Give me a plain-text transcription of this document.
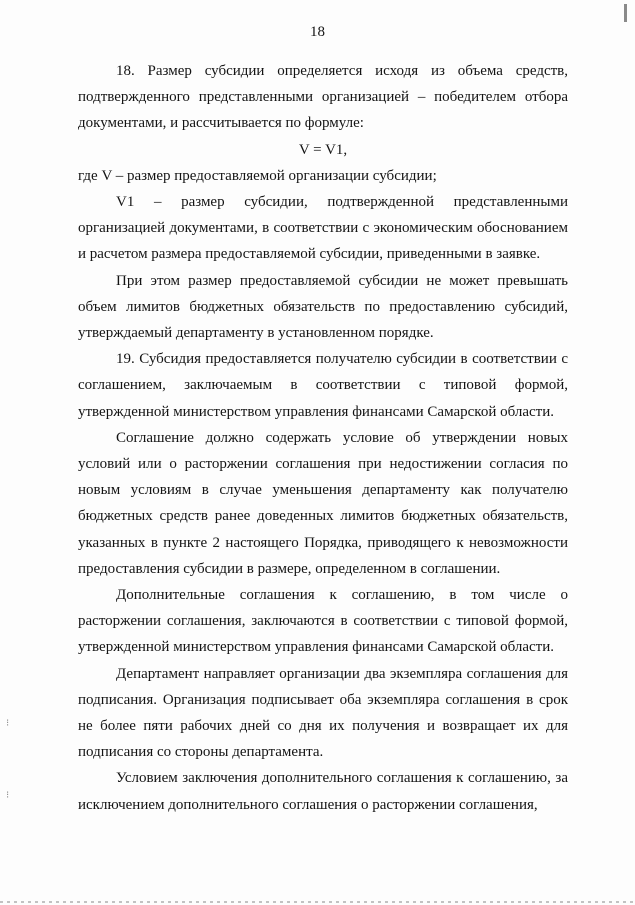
18

18. Размер субсидии определяется исходя из объема средств, подтвержденного представленными организацией – победителем отбора документами, и рассчитывается по формуле:

V = V1,

где V – размер предоставляемой организации субсидии;

V1 – размер субсидии, подтвержденной представленными организацией документами, в соответствии с экономическим обоснованием и расчетом размера предоставляемой субсидии, приведенными в заявке.

При этом размер предоставляемой субсидии не может превышать объем лимитов бюджетных обязательств по предоставлению субсидий, утверждаемый департаменту в установленном порядке.

19. Субсидия предоставляется получателю субсидии в соответствии с соглашением, заключаемым в соответствии с типовой формой, утвержденной министерством управления финансами Самарской области.

Соглашение должно содержать условие об утверждении новых условий или о расторжении соглашения при недостижении согласия по новым условиям в случае уменьшения департаменту как получателю бюджетных средств ранее доведенных лимитов бюджетных обязательств, указанных в пункте 2 настоящего Порядка, приводящего к невозможности предоставления субсидии в размере, определенном в соглашении.

Дополнительные соглашения к соглашению, в том числе о расторжении соглашения, заключаются в соответствии с типовой формой, утвержденной министерством управления финансами Самарской области.

Департамент направляет организации два экземпляра соглашения для подписания. Организация подписывает оба экземпляра соглашения в срок не более пяти рабочих дней со дня их получения и возвращает их для подписания со стороны департамента.

Условием заключения дополнительного соглашения к соглашению, за исключением дополнительного соглашения о расторжении соглашения,

⁝
⁝
